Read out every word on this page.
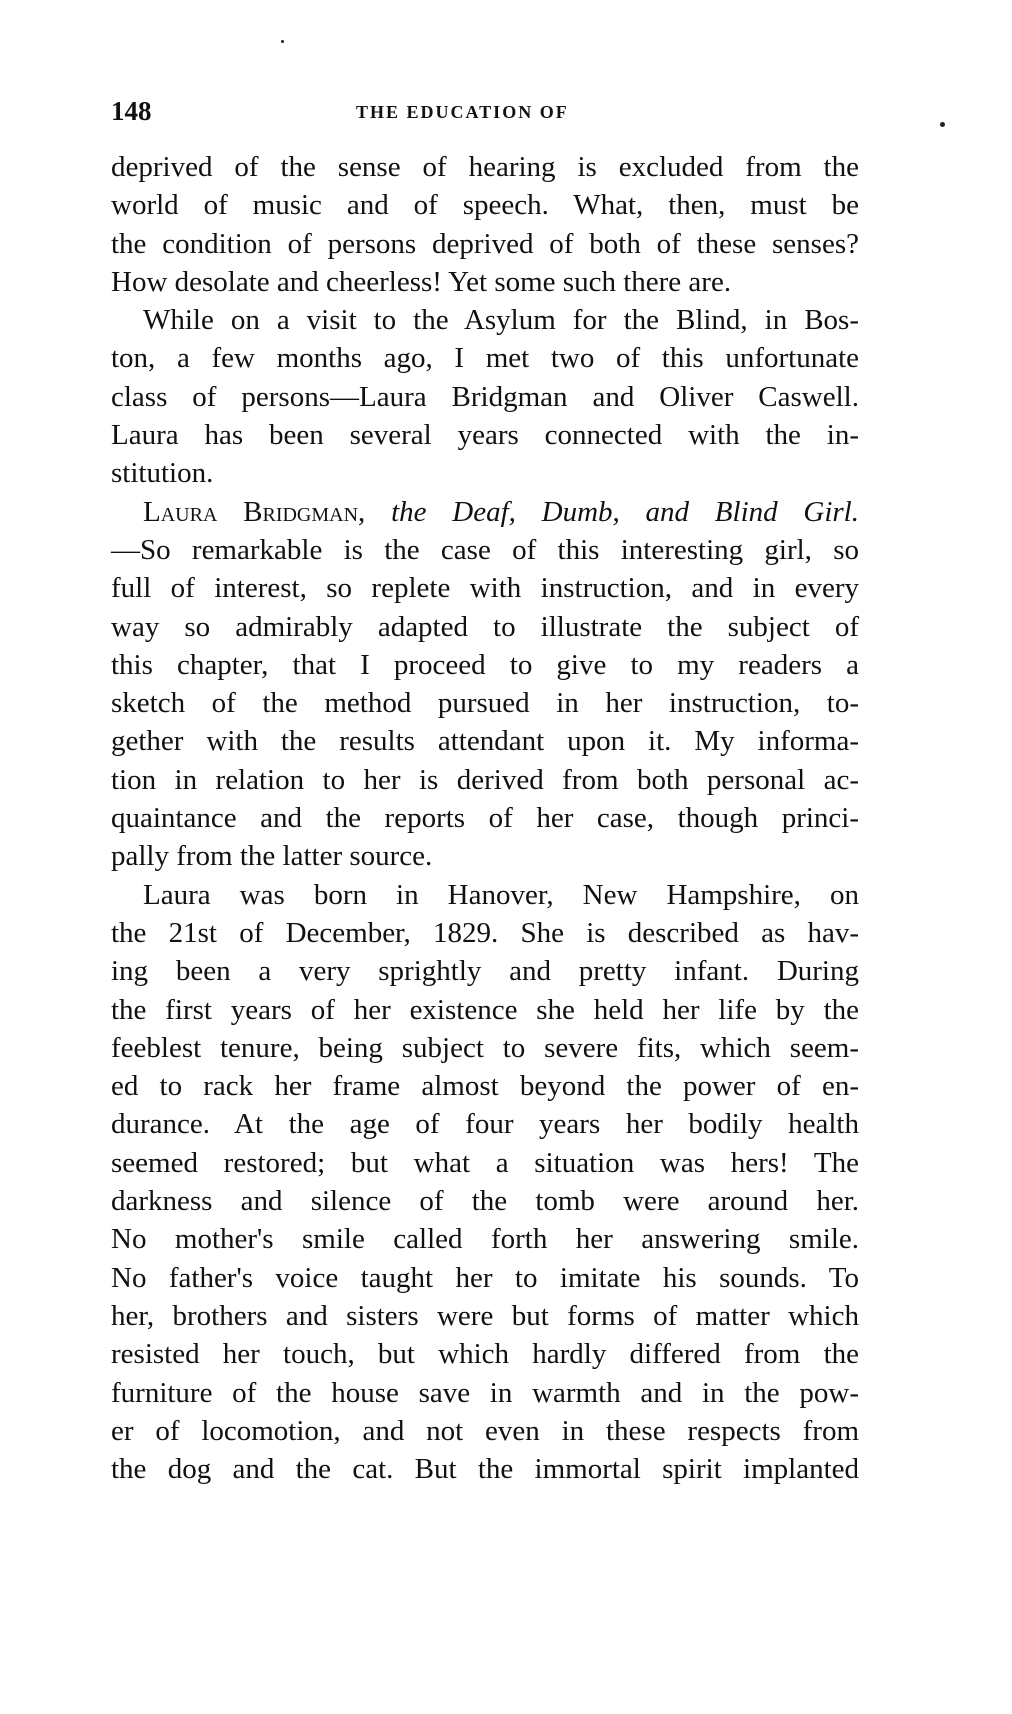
148	THE EDUCATION OF
deprived of the sense of hearing is excluded from the
world of music and of speech. What, then, must be
the condition of persons deprived of both of these senses?
How desolate and cheerless! Yet some such there are.
While on a visit to the Asylum for the Blind, in Bos-
ton, a few months ago, I met two of this unfortunate
class of persons—Laura Bridgman and Oliver Caswell.
Laura has been several years connected with the in-
stitution.
Laura Bridgman, the Deaf, Dumb, and Blind Girl.
—So remarkable is the case of this interesting girl, so
full of interest, so replete with instruction, and in every
way so admirably adapted to illustrate the subject of
this chapter, that I proceed to give to my readers a
sketch of the method pursued in her instruction, to-
gether with the results attendant upon it. My informa-
tion in relation to her is derived from both personal ac-
quaintance and the reports of her case, though princi-
pally from the latter source.
Laura was born in Hanover, New Hampshire, on
the 21st of December, 1829. She is described as hav-
ing been a very sprightly and pretty infant. During
the first years of her existence she held her life by the
feeblest tenure, being subject to severe fits, which seem-
ed to rack her frame almost beyond the power of en-
durance. At the age of four years her bodily health
seemed restored; but what a situation was hers! The
darkness and silence of the tomb were around her.
No mother's smile called forth her answering smile.
No father's voice taught her to imitate his sounds. To
her, brothers and sisters were but forms of matter which
resisted her touch, but which hardly differed from the
furniture of the house save in warmth and in the pow-
er of locomotion, and not even in these respects from
the dog and the cat. But the immortal spirit implanted
